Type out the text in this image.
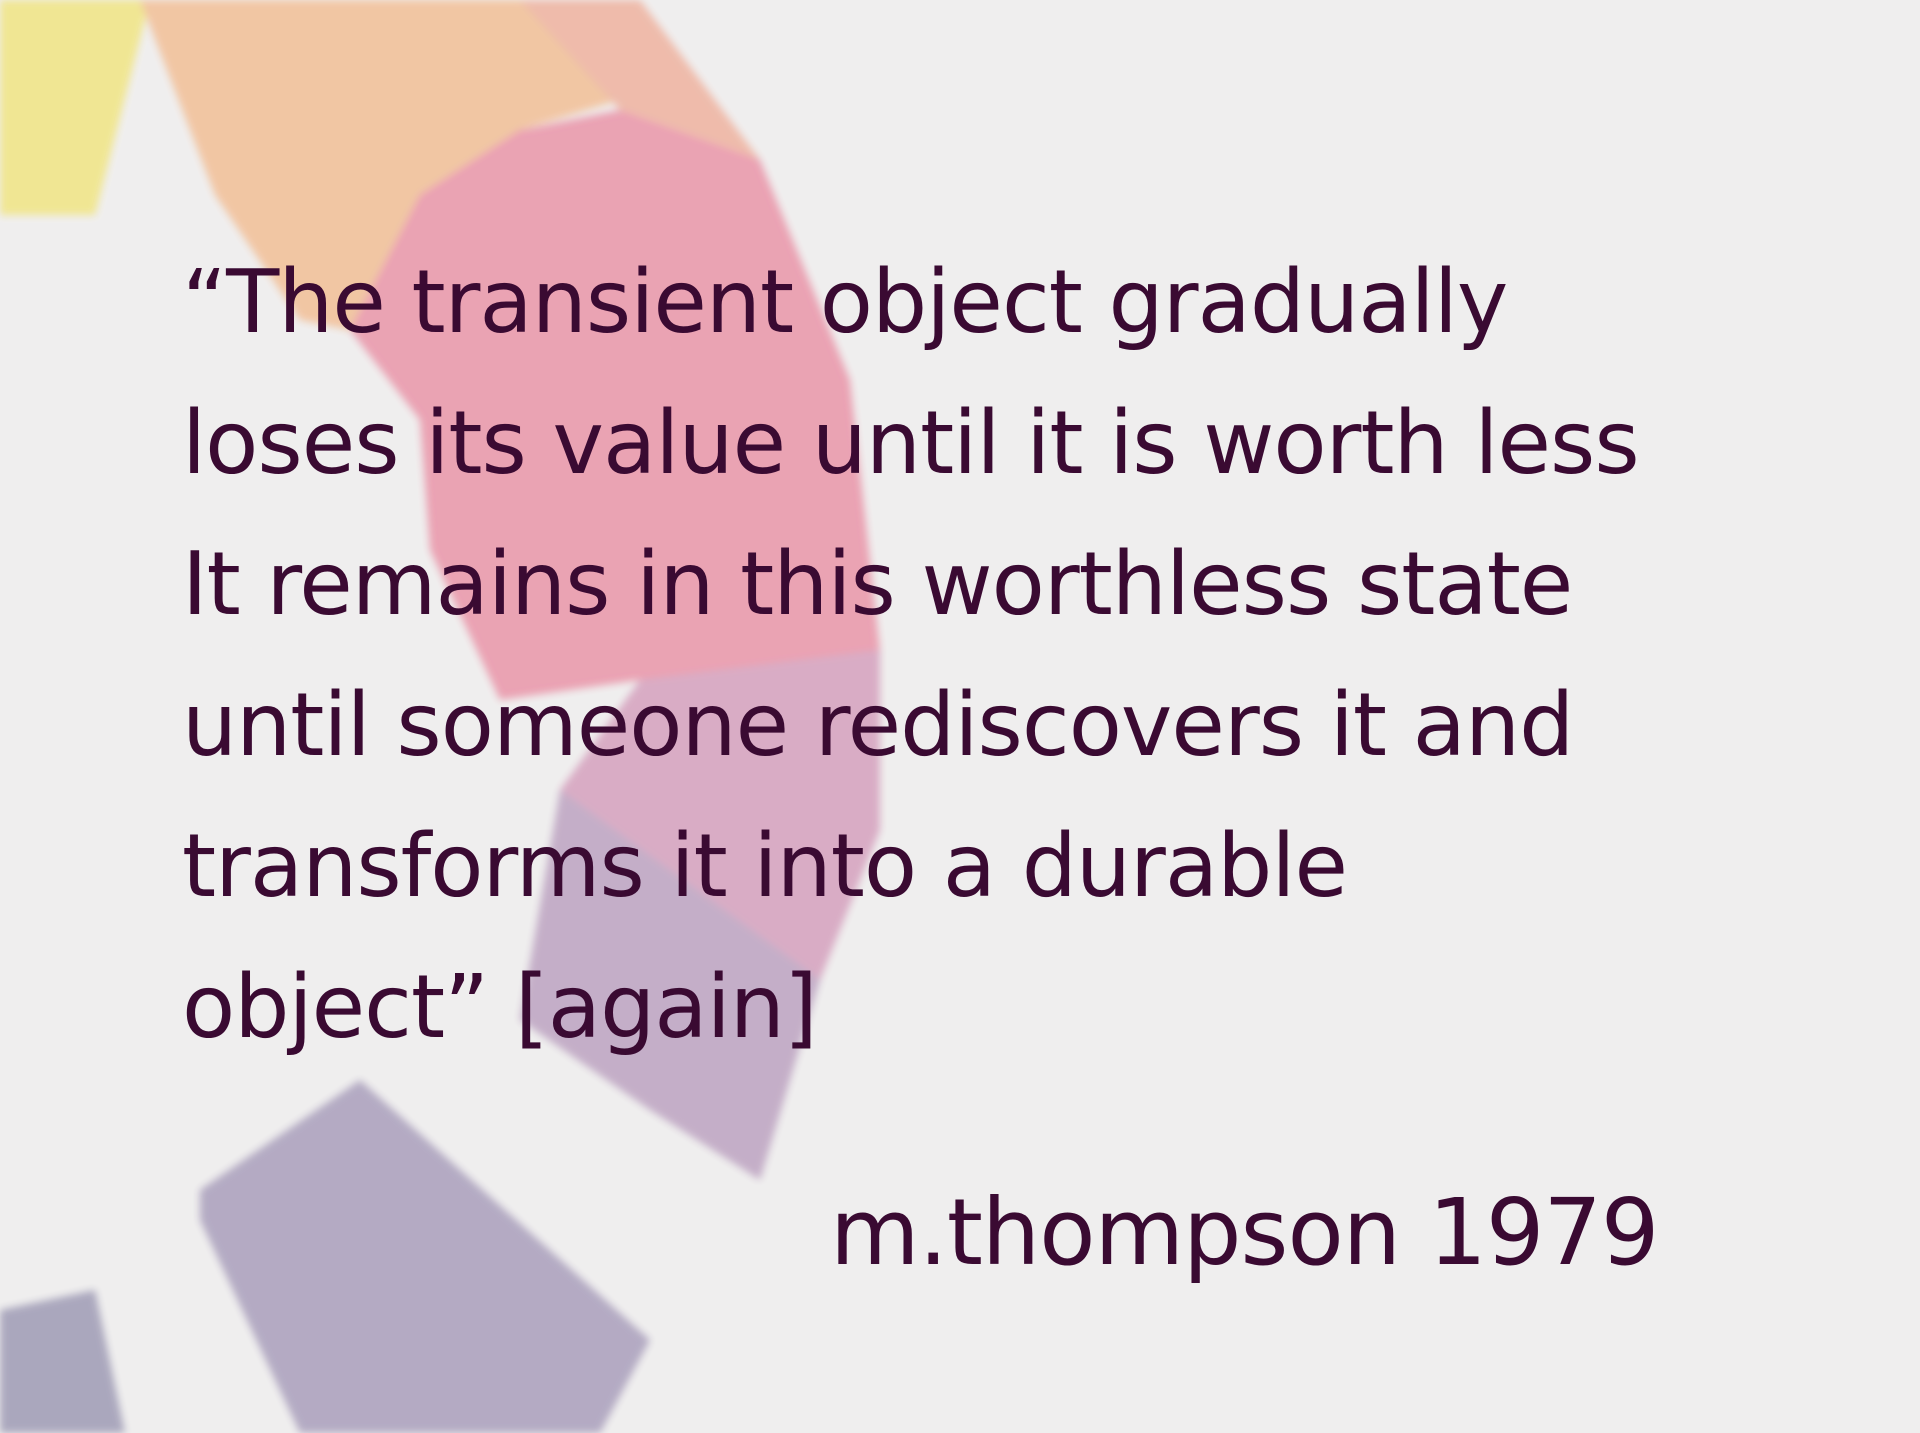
“The transient object gradually
loses its value until it is worth less
It remains in this worthless state
until someone rediscovers it and
transforms it into a durable
object” [again]

m.thompson 1979
